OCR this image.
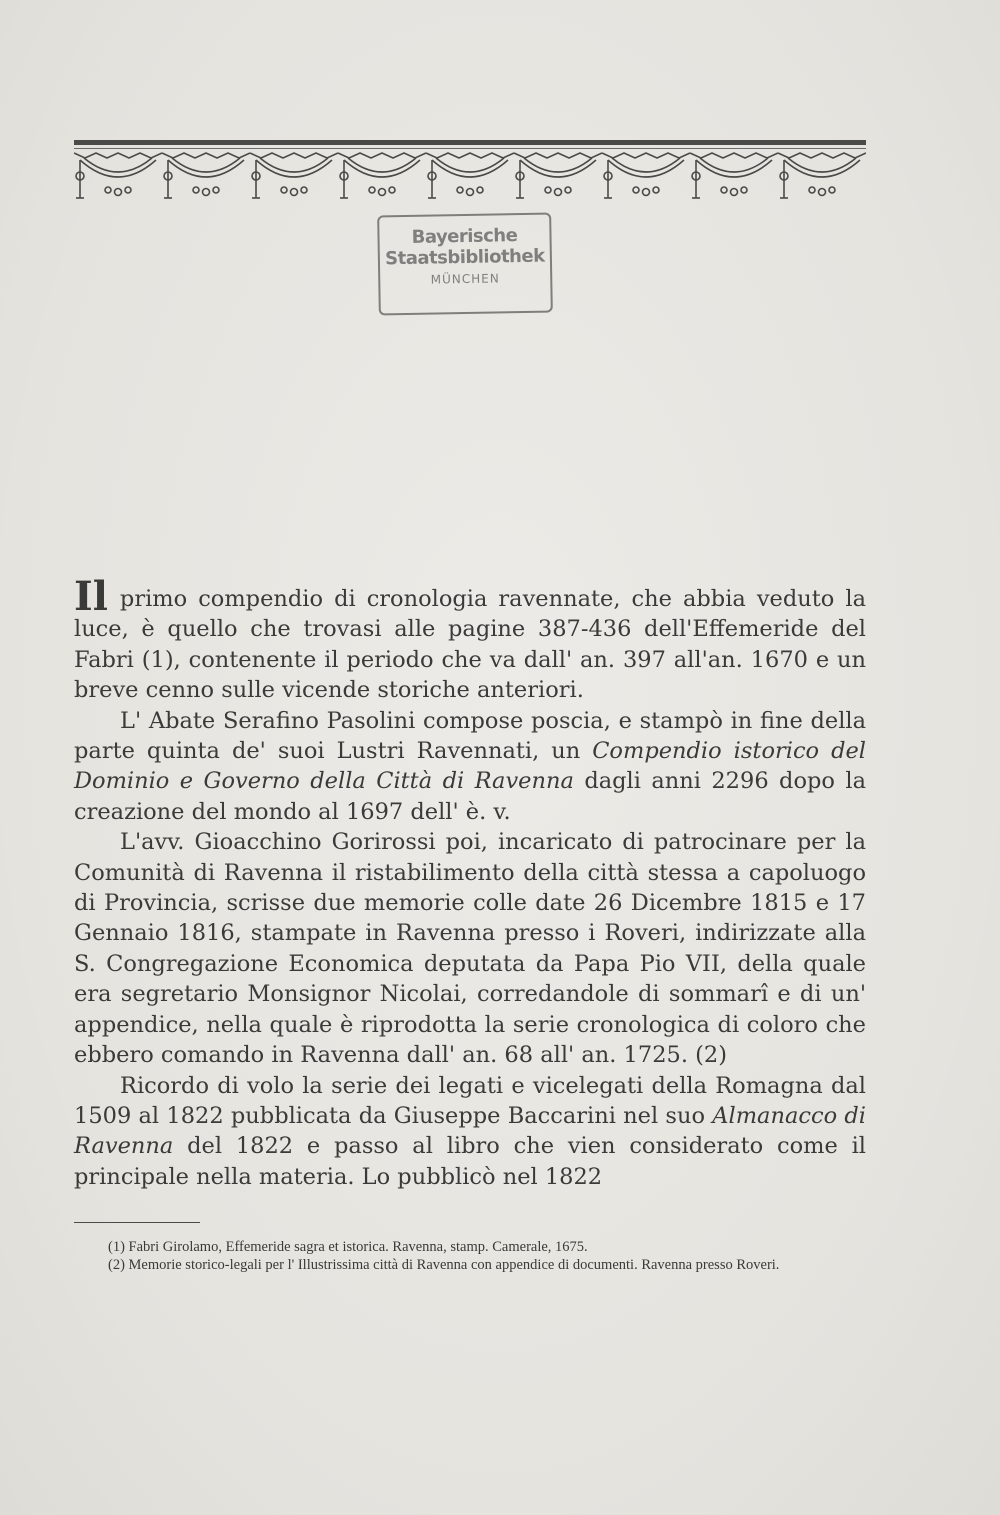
Bayerische
Staatsbibliothek
MÜNCHEN

Il primo compendio di cronologia ravennate, che abbia veduto la luce, è quello che trovasi alle pagine 387-436 dell'Effemeride del Fabri (1), contenente il periodo che va dall' an. 397 all'an. 1670 e un breve cenno sulle vicende storiche anteriori.

L' Abate Serafino Pasolini compose poscia, e stampò in fine della parte quinta de' suoi Lustri Ravennati, un Compendio istorico del Dominio e Governo della Città di Ravenna dagli anni 2296 dopo la creazione del mondo al 1697 dell' è. v.

L'avv. Gioacchino Gorirossi poi, incaricato di patrocinare per la Comunità di Ravenna il ristabilimento della città stessa a capoluogo di Provincia, scrisse due memorie colle date 26 Dicembre 1815 e 17 Gennaio 1816, stampate in Ravenna presso i Roveri, indirizzate alla S. Congregazione Economica deputata da Papa Pio VII, della quale era segretario Monsignor Nicolai, corredandole di sommarî e di un' appendice, nella quale è riprodotta la serie cronologica di coloro che ebbero comando in Ravenna dall' an. 68 all' an. 1725. (2)

Ricordo di volo la serie dei legati e vicelegati della Romagna dal 1509 al 1822 pubblicata da Giuseppe Baccarini nel suo Almanacco di Ravenna del 1822 e passo al libro che vien considerato come il principale nella materia. Lo pubblicò nel 1822

(1) Fabri Girolamo, Effemeride sagra et istorica. Ravenna, stamp. Camerale, 1675.

(2) Memorie storico-legali per l' Illustrissima città di Ravenna con appendice di documenti. Ravenna presso Roveri.
